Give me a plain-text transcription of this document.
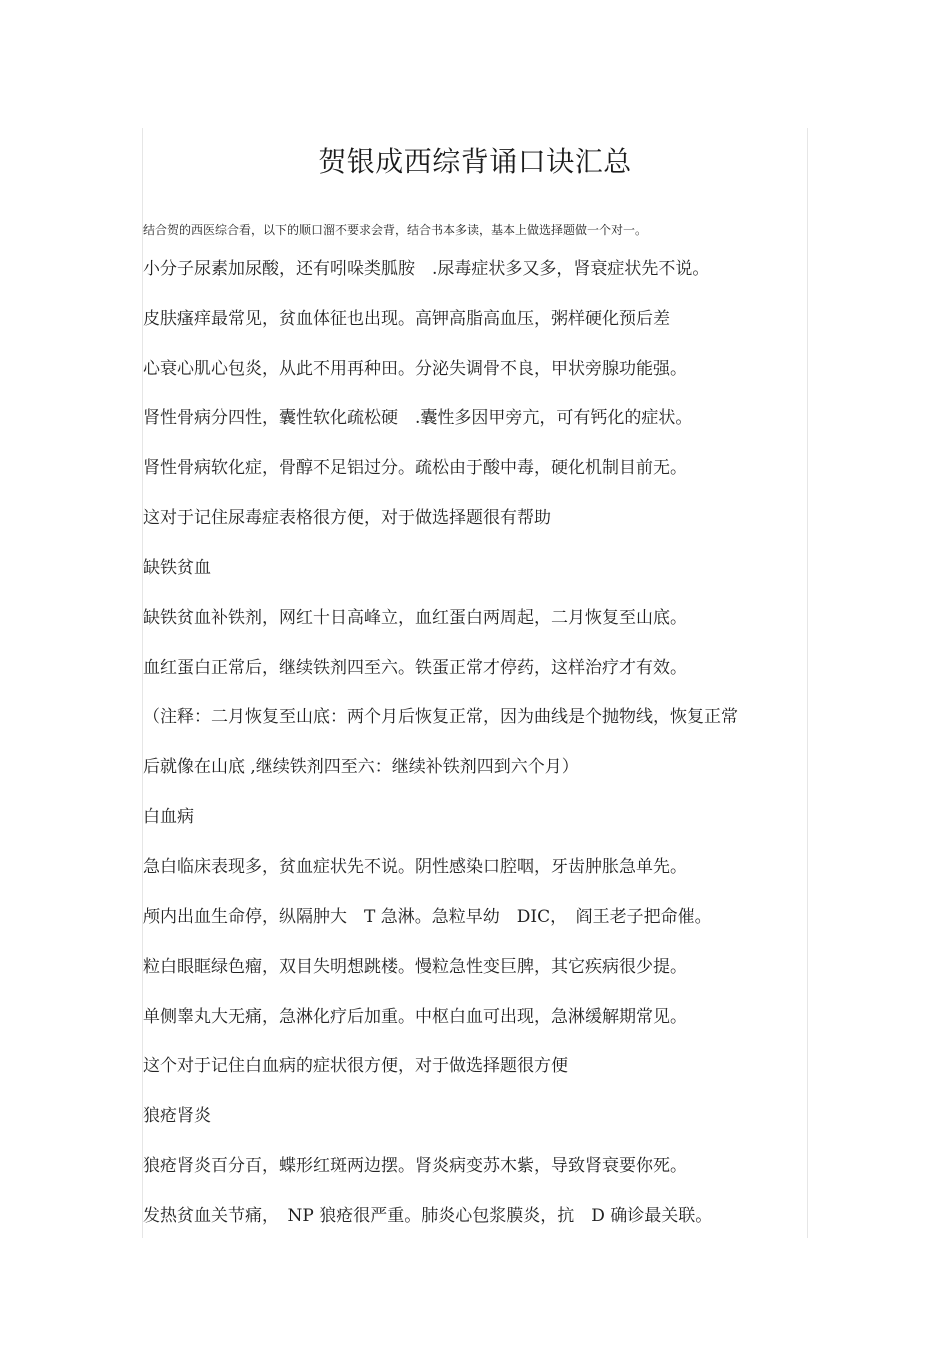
贺银成西综背诵口诀汇总
结合贺的西医综合看，以下的顺口溜不要求会背，结合书本多读，基本上做选择题做一个对一。
小分子尿素加尿酸，还有吲哚类胍胺　.尿毒症状多又多，肾衰症状先不说。
皮肤瘙痒最常见，贫血体征也出现。高钾高脂高血压，粥样硬化预后差
心衰心肌心包炎，从此不用再种田。分泌失调骨不良，甲状旁腺功能强。
肾性骨病分四性，囊性软化疏松硬　.囊性多因甲旁亢，可有钙化的症状。
肾性骨病软化症，骨醇不足铝过分。疏松由于酸中毒，硬化机制目前无。
这对于记住尿毒症表格很方便，对于做选择题很有帮助
缺铁贫血
缺铁贫血补铁剂，网红十日高峰立，血红蛋白两周起，二月恢复至山底。
血红蛋白正常后，继续铁剂四至六。铁蛋正常才停药，这样治疗才有效。
（注释：二月恢复至山底：两个月后恢复正常，因为曲线是个抛物线，恢复正常
后就像在山底 ,继续铁剂四至六：继续补铁剂四到六个月）
白血病
急白临床表现多，贫血症状先不说。阴性感染口腔咽，牙齿肿胀急单先。
颅内出血生命停，纵隔肿大　T 急淋。急粒早幼　DIC，　阎王老子把命催。
粒白眼眶绿色瘤，双目失明想跳楼。慢粒急性变巨脾，其它疾病很少提。
单侧睾丸大无痛，急淋化疗后加重。中枢白血可出现，急淋缓解期常见。
这个对于记住白血病的症状很方便，对于做选择题很方便
狼疮肾炎
狼疮肾炎百分百，蝶形红斑两边摆。肾炎病变苏木紫，导致肾衰要你死。
发热贫血关节痛，　NP 狼疮很严重。肺炎心包浆膜炎，抗　D 确诊最关联。
